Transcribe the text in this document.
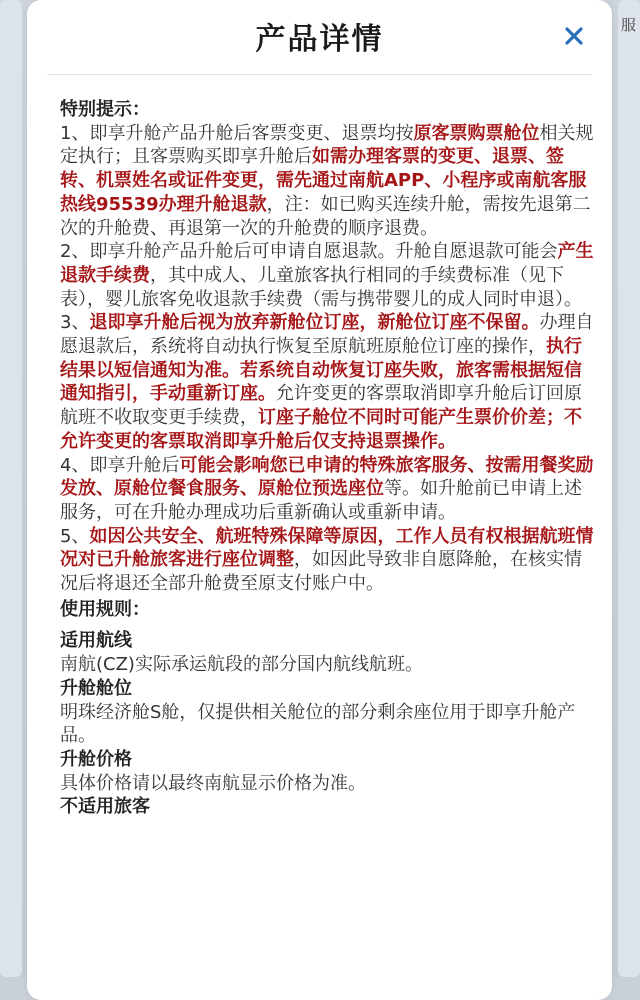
服
产品详情
特别提示：
1、即享升舱产品升舱后客票变更、退票均按原客票购票舱位相关规定执行；且客票购买即享升舱后如需办理客票的变更、退票、签转、机票姓名或证件变更，需先通过南航APP、小程序或南航客服热线95539办理升舱退款，注：如已购买连续升舱，需按先退第二次的升舱费、再退第一次的升舱费的顺序退费。
2、即享升舱产品升舱后可申请自愿退款。升舱自愿退款可能会产生退款手续费，其中成人、儿童旅客执行相同的手续费标准（见下表），婴儿旅客免收退款手续费（需与携带婴儿的成人同时申退）。
3、退即享升舱后视为放弃新舱位订座，新舱位订座不保留。办理自愿退款后，系统将自动执行恢复至原航班原舱位订座的操作，执行结果以短信通知为准。若系统自动恢复订座失败，旅客需根据短信通知指引，手动重新订座。允许变更的客票取消即享升舱后订回原航班不收取变更手续费，订座子舱位不同时可能产生票价价差；不允许变更的客票取消即享升舱后仅支持退票操作。
4、即享升舱后可能会影响您已申请的特殊旅客服务、按需用餐奖励发放、原舱位餐食服务、原舱位预选座位等。如升舱前已申请上述服务，可在升舱办理成功后重新确认或重新申请。
5、如因公共安全、航班特殊保障等原因，工作人员有权根据航班情况对已升舱旅客进行座位调整，如因此导致非自愿降舱，在核实情况后将退还全部升舱费至原支付账户中。
使用规则：
适用航线
南航(CZ)实际承运航段的部分国内航线航班。
升舱舱位
明珠经济舱S舱，仅提供相关舱位的部分剩余座位用于即享升舱产品。
升舱价格
具体价格请以最终南航显示价格为准。
不适用旅客
